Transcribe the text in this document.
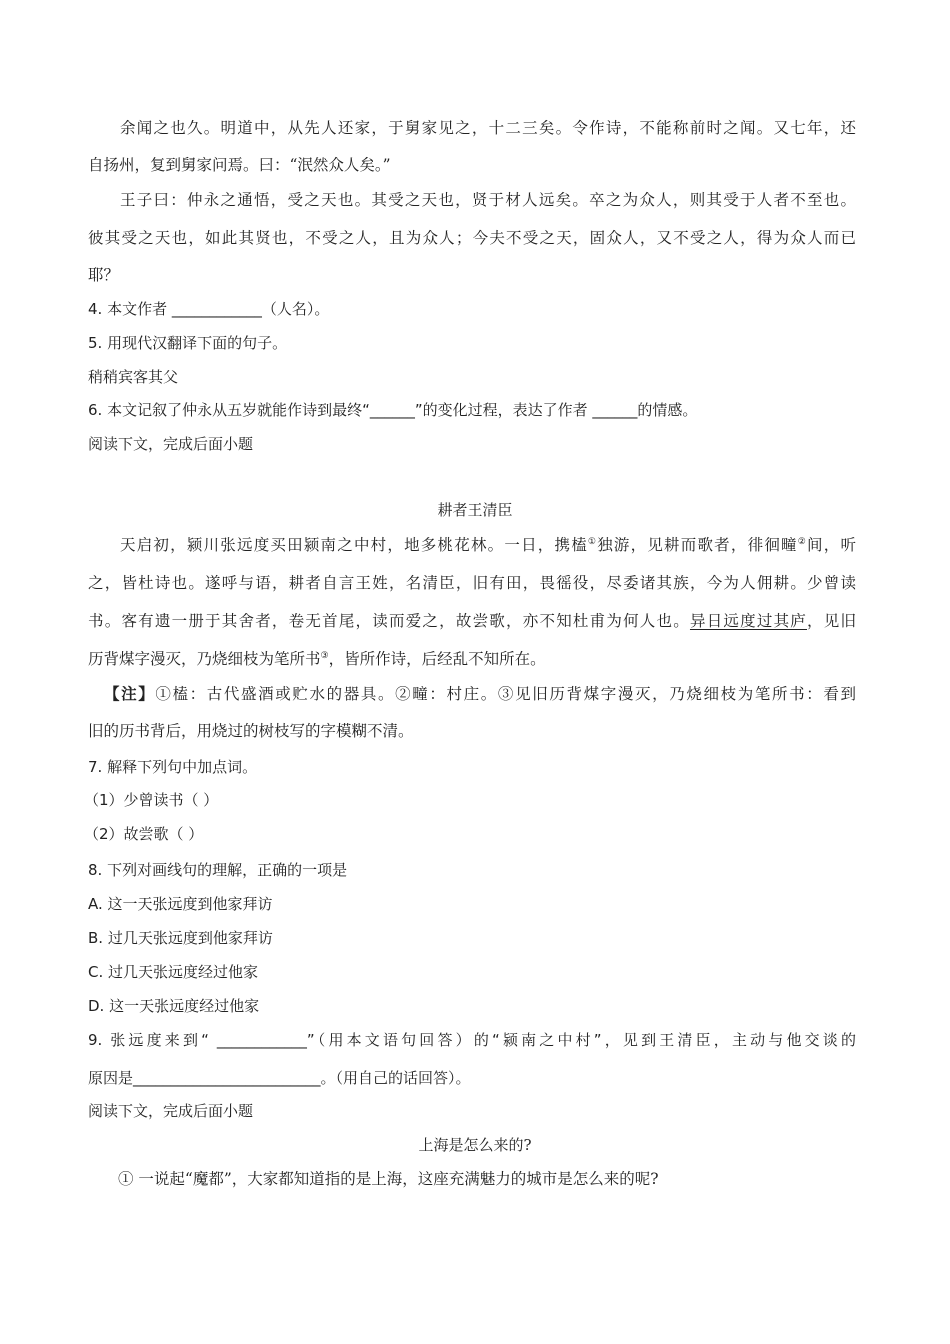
余闻之也久。明道中，从先人还家，于舅家见之，十二三矣。令作诗，不能称前时之闻。又七年，还
自扬州，复到舅家问焉。曰：“泯然众人矣。”
王子曰：仲永之通悟，受之天也。其受之天也，贤于材人远矣。卒之为众人，则其受于人者不至也。
彼其受之天也，如此其贤也，不受之人，且为众人；今夫不受之天，固众人，又不受之人，得为众人而已
耶？
4. 本文作者 ____________（人名）。
5. 用现代汉翻译下面的句子。
稍稍宾客其父
6. 本文记叙了仲永从五岁就能作诗到最终“______”的变化过程，表达了作者 ______的情感。
阅读下文，完成后面小题
耕者王清臣
天启初，颍川张远度买田颍南之中村，地多桃花林。一日，携榼①独游，见耕而歌者，徘徊疃②间，听
之，皆杜诗也。遂呼与语，耕者自言王姓，名清臣，旧有田，畏徭役，尽委诸其族，今为人佣耕。少曾读
书。客有遗一册于其舍者，卷无首尾，读而爱之，故尝歌，亦不知杜甫为何人也。异日远度过其庐，见旧
历背煤字漫灭，乃烧细枝为笔所书③，皆所作诗，后经乱不知所在。
【注】①榼：古代盛酒或贮水的器具。②疃：村庄。③见旧历背煤字漫灭，乃烧细枝为笔所书：看到
旧的历书背后，用烧过的树枝写的字模糊不清。
7. 解释下列句中加点词。
（1）少曾读书（ ）
（2）故尝歌（ ）
8. 下列对画线句的理解，正确的一项是
A. 这一天张远度到他家拜访
B. 过几天张远度到他家拜访
C. 过几天张远度经过他家
D. 这一天张远度经过他家
9. 张远度来到“ ____________”（用本文语句回答）的“颍南之中村”，见到王清臣，主动与他交谈的
原因是_________________________。（用自己的话回答）。
阅读下文，完成后面小题
上海是怎么来的?
① 一说起“魔都”，大家都知道指的是上海，这座充满魅力的城市是怎么来的呢?
